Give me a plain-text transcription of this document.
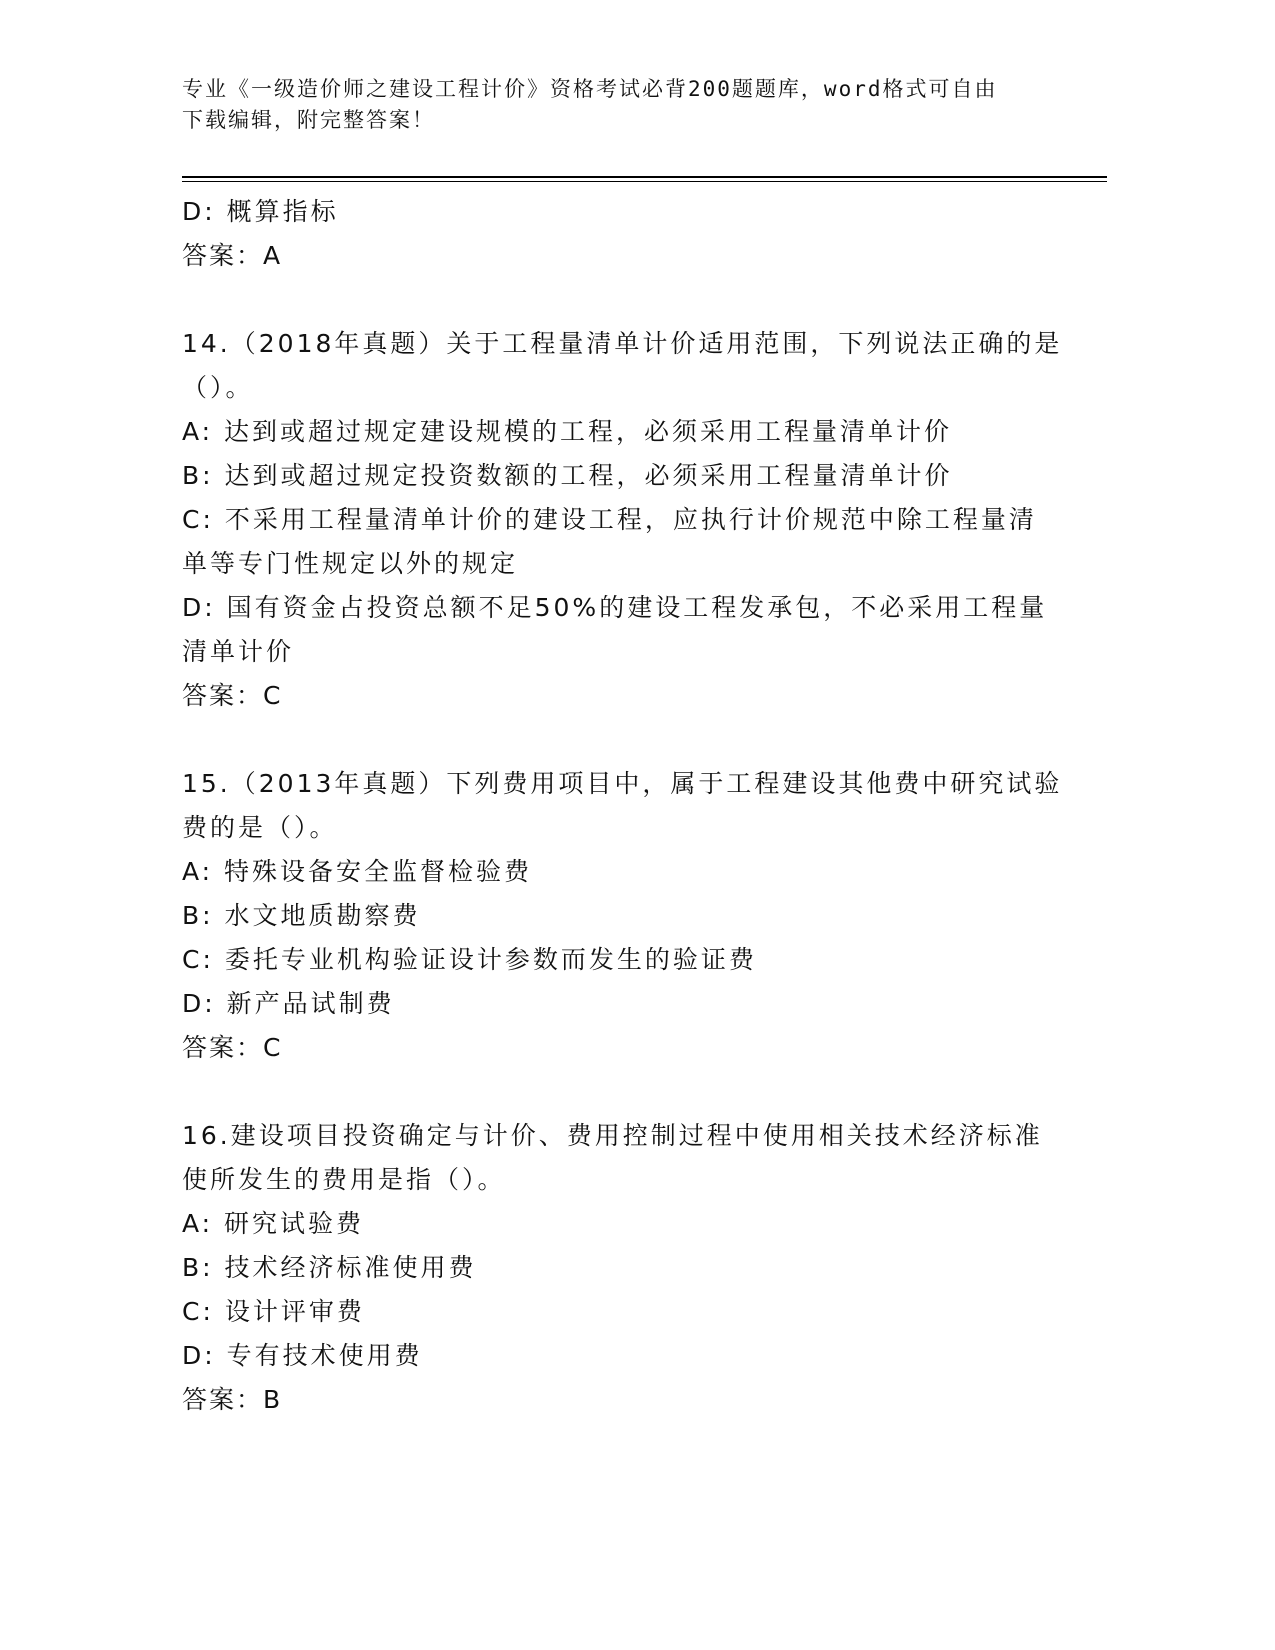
专业《一级造价师之建设工程计价》资格考试必背200题题库，word格式可自由
下载编辑，附完整答案！
D: 概算指标
答案：A
14.（2018年真题）关于工程量清单计价适用范围，下列说法正确的是
（）。
A: 达到或超过规定建设规模的工程，必须采用工程量清单计价
B: 达到或超过规定投资数额的工程，必须采用工程量清单计价
C: 不采用工程量清单计价的建设工程，应执行计价规范中除工程量清
单等专门性规定以外的规定
D: 国有资金占投资总额不足50%的建设工程发承包，不必采用工程量
清单计价
答案：C
15.（2013年真题）下列费用项目中，属于工程建设其他费中研究试验
费的是（）。
A: 特殊设备安全监督检验费
B: 水文地质勘察费
C: 委托专业机构验证设计参数而发生的验证费
D: 新产品试制费
答案：C
16.建设项目投资确定与计价、费用控制过程中使用相关技术经济标准
使所发生的费用是指（）。
A: 研究试验费
B: 技术经济标准使用费
C: 设计评审费
D: 专有技术使用费
答案：B
